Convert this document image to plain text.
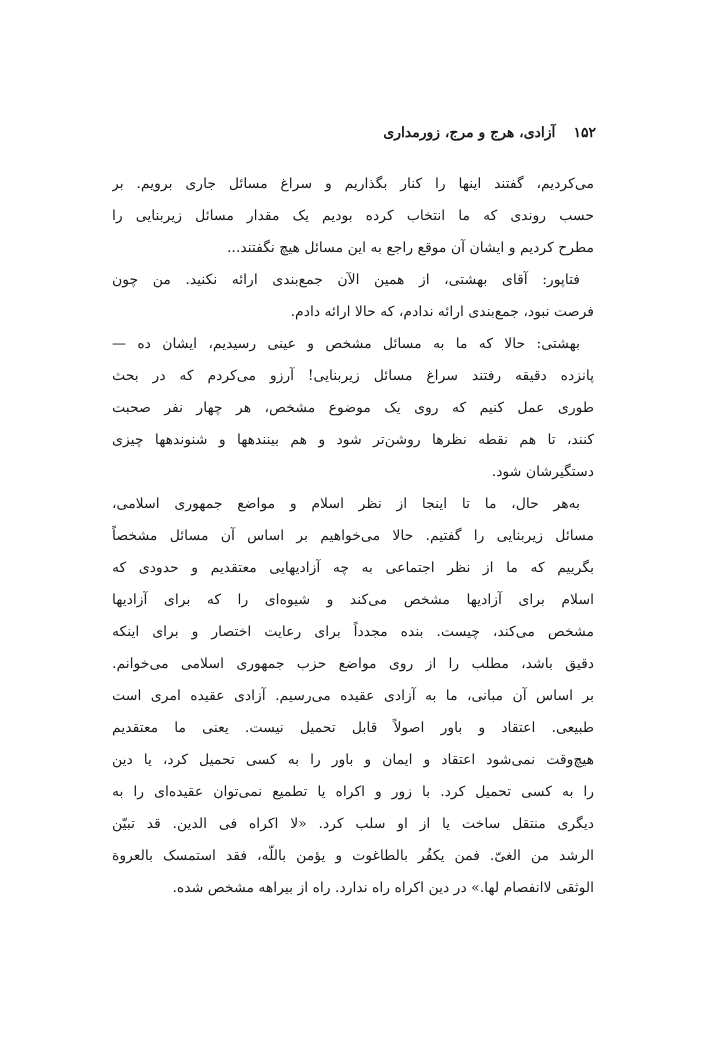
۱۵۲
آزادی، هرج و مرج، زورمداری
می‌کردیم، گفتند اینها را کنار بگذاریم و سراغ مسائل جاری برویم. بر
حسب روندی که ما انتخاب کرده بودیم یک مقدار مسائل زیربنایی را
مطرح کردیم و ایشان آن موقع راجع به این مسائل هیچ نگفتند...
فتاپور: آقای بهشتی، از همین الآن جمع‌بندی ارائه نکنید. من چون
فرصت نبود، جمع‌بندی ارائه ندادم، که حالا ارائه دادم.
بهشتی: حالا که ما به مسائل مشخص و عینی رسیدیم، ایشان ده —
پانزده دقیقه رفتند سراغ مسائل زیربنایی! آرزو می‌کردم که در بحث
طوری عمل کنیم که روی یک موضوع مشخص، هر چهار نفر صحبت
کنند، تا هم نقطه نظرها روشن‌تر شود و هم بینندهها و شنوندهها چیزی
دستگیرشان شود.
به‌هر حال، ما تا اینجا از نظر اسلام و مواضع جمهوری اسلامی،
مسائل زیربنایی را گفتیم. حالا می‌خواهیم بر اساس آن مسائل مشخصاً
بگرییم که ما از نظر اجتماعی به چه آزادیهایی معتقدیم و حدودی که
اسلام برای آزادیها مشخص می‌کند و شیوه‌ای را که برای آزادیها
مشخص می‌کند، چیست. بنده مجدداً برای رعایت اختصار و برای اینکه
دقیق باشد، مطلب را از روی مواضع حزب جمهوری اسلامی می‌خوانم.
بر اساس آن مبانی، ما به آزادی عقیده می‌رسیم. آزادی عقیده امری است
طبیعی. اعتقاد و باور اصولاً قابل تحمیل نیست. یعنی ما معتقدیم
هیچ‌وقت نمی‌شود اعتقاد و ایمان و باور را به کسی تحمیل کرد، یا دین
را به کسی تحمیل کرد. با زور و اکراه یا تطمیع نمی‌توان عقیده‌ای را به
دیگری منتقل ساخت یا از او سلب کرد. «لا اکراه فی الدین. قد تبیّن
الرشد من الغیّ. فمن یکفُر بالطاغوت و یؤمن باللّه، فقد استمسک بالعروة
الوثقی لاانفصام لها.» در دین اکراه راه ندارد. راه از بیراهه مشخص شده.
